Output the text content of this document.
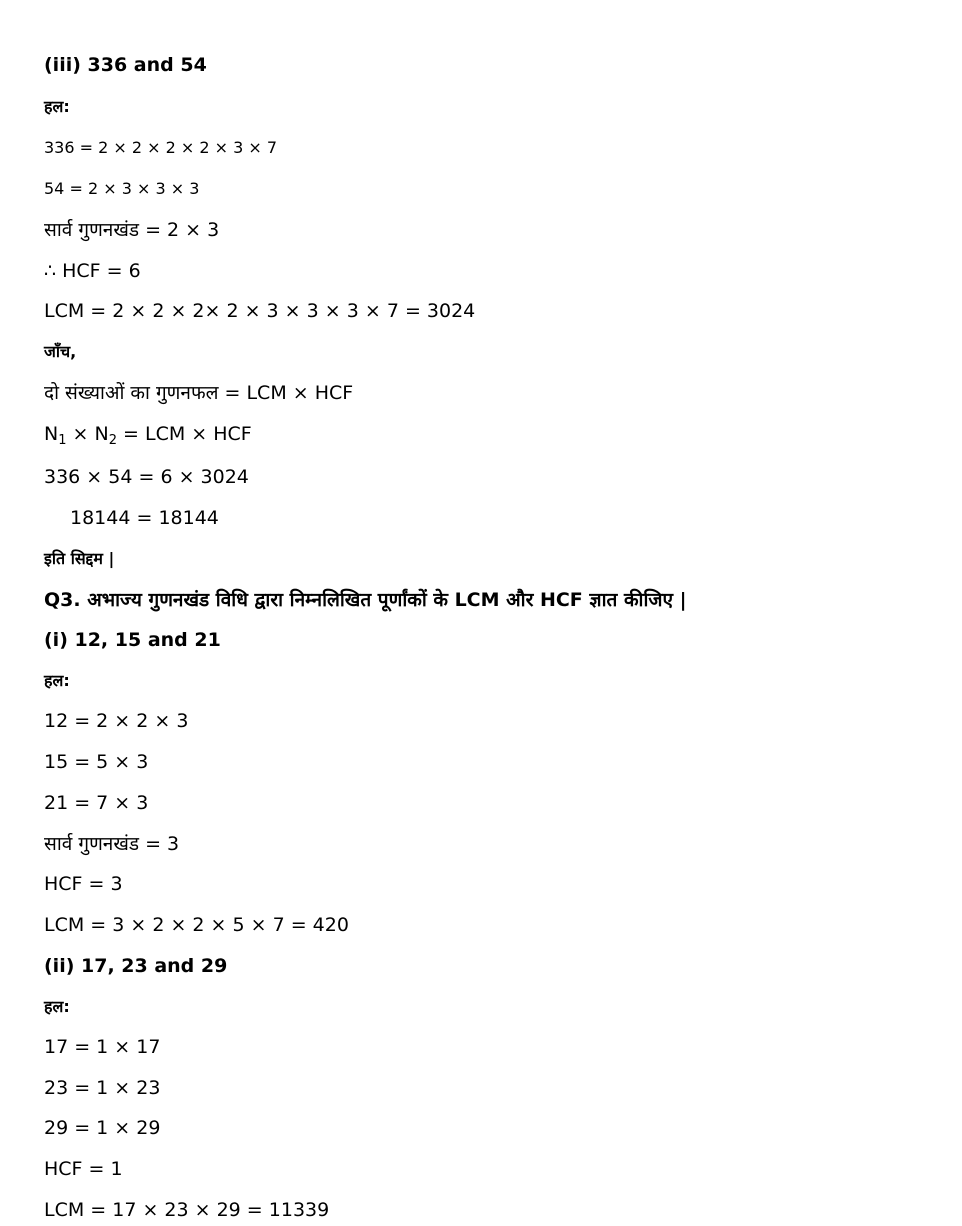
(iii) 336 and 54
हल:
336 = 2 × 2 × 2 × 2 × 3 × 7
54 = 2 × 3 × 3 × 3
सार्व गुणनखंड = 2 × 3
∴ HCF = 6
LCM = 2 × 2 × 2× 2 × 3 × 3 × 3 × 7 = 3024
जाँच,
दो संख्याओं का गुणनफल = LCM × HCF
$N_1 \times N_2$ = LCM × HCF
336 × 54 = 6 × 3024
18144 = 18144
इति सिद्दम |
Q3. अभाज्य गुणनखंड विधि द्वारा निम्नलिखित पूर्णांकों के LCM और HCF ज्ञात कीजिए |
(i) 12, 15 and 21
हल:
12 = 2 × 2 × 3
15 = 5 × 3
21 = 7 × 3
सार्व गुणनखंड = 3
HCF = 3
LCM = 3 × 2 × 2 × 5 × 7 = 420
(ii) 17, 23 and 29
हल:
17 = 1 × 17
23 = 1 × 23
29 = 1 × 29
HCF = 1
LCM = 17 × 23 × 29 = 11339
